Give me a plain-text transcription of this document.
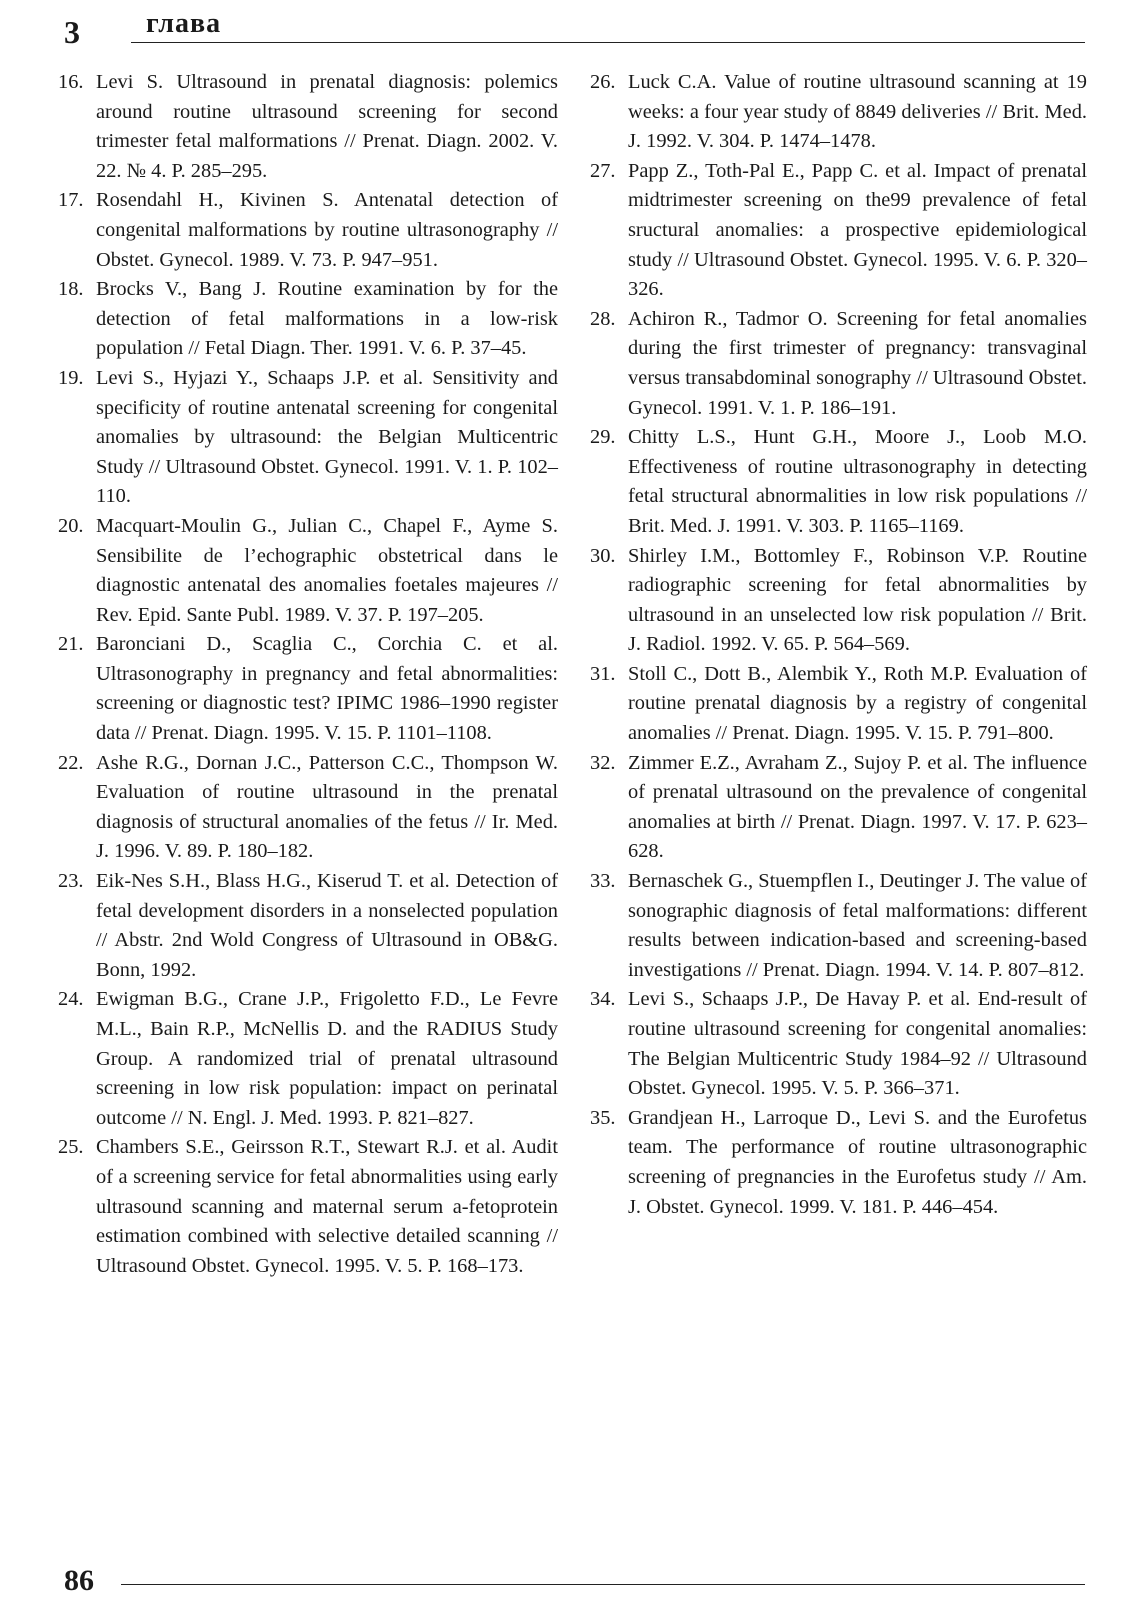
3 глава
16. Levi S. Ultrasound in prenatal diagnosis: polemics around routine ultrasound screening for second trimester fetal malformations // Prenat. Diagn. 2002. V. 22. № 4. P. 285–295.
17. Rosendahl H., Kivinen S. Antenatal detection of congenital malformations by routine ultrasonography // Obstet. Gynecol. 1989. V. 73. P. 947–951.
18. Brocks V., Bang J. Routine examination by for the detection of fetal malformations in a low-risk population // Fetal Diagn. Ther. 1991. V. 6. P. 37–45.
19. Levi S., Hyjazi Y., Schaaps J.P. et al. Sensitivity and specificity of routine antenatal screening for congenital anomalies by ultrasound: the Belgian Multicentric Study // Ultrasound Obstet. Gynecol. 1991. V. 1. P. 102–110.
20. Macquart-Moulin G., Julian C., Chapel F., Ayme S. Sensibilite de l’echographic obstetrical dans le diagnostic antenatal des anomalies foetales majeures // Rev. Epid. Sante Publ. 1989. V. 37. P. 197–205.
21. Baronciani D., Scaglia C., Corchia C. et al. Ultrasonography in pregnancy and fetal abnormalities: screening or diagnostic test? IPIMC 1986–1990 register data // Prenat. Diagn. 1995. V. 15. P. 1101–1108.
22. Ashe R.G., Dornan J.C., Patterson C.C., Thompson W. Evaluation of routine ultrasound in the prenatal diagnosis of structural anomalies of the fetus // Ir. Med. J. 1996. V. 89. P. 180–182.
23. Eik-Nes S.H., Blass H.G., Kiserud T. et al. Detection of fetal development disorders in a nonselected population // Abstr. 2nd Wold Congress of Ultrasound in OB&G. Bonn, 1992.
24. Ewigman B.G., Crane J.P., Frigoletto F.D., Le Fevre M.L., Bain R.P., McNellis D. and the RADIUS Study Group. A randomized trial of prenatal ultrasound screening in low risk population: impact on perinatal outcome // N. Engl. J. Med. 1993. P. 821–827.
25. Chambers S.E., Geirsson R.T., Stewart R.J. et al. Audit of a screening service for fetal abnormalities using early ultrasound scanning and maternal serum a-fetoprotein estimation combined with selective detailed scanning // Ultrasound Obstet. Gynecol. 1995. V. 5. P. 168–173.
26. Luck C.A. Value of routine ultrasound scanning at 19 weeks: a four year study of 8849 deliveries // Brit. Med. J. 1992. V. 304. P. 1474–1478.
27. Papp Z., Toth-Pal E., Papp C. et al. Impact of prenatal midtrimester screening on the99 prevalence of fetal sructural anomalies: a prospective epidemiological study // Ultrasound Obstet. Gynecol. 1995. V. 6. P. 320–326.
28. Achiron R., Tadmor O. Screening for fetal anomalies during the first trimester of pregnancy: transvaginal versus transabdominal sonography // Ultrasound Obstet. Gynecol. 1991. V. 1. P. 186–191.
29. Chitty L.S., Hunt G.H., Moore J., Loob M.O. Effectiveness of routine ultrasonography in detecting fetal structural abnormalities in low risk populations // Brit. Med. J. 1991. V. 303. P. 1165–1169.
30. Shirley I.M., Bottomley F., Robinson V.P. Routine radiographic screening for fetal abnormalities by ultrasound in an unselected low risk population // Brit. J. Radiol. 1992. V. 65. P. 564–569.
31. Stoll C., Dott B., Alembik Y., Roth M.P. Evaluation of routine prenatal diagnosis by a registry of congenital anomalies // Prenat. Diagn. 1995. V. 15. P. 791–800.
32. Zimmer E.Z., Avraham Z., Sujoy P. et al. The influence of prenatal ultrasound on the prevalence of congenital anomalies at birth // Prenat. Diagn. 1997. V. 17. P. 623–628.
33. Bernaschek G., Stuempflen I., Deutinger J. The value of sonographic diagnosis of fetal malformations: different results between indication-based and screening-based investigations // Prenat. Diagn. 1994. V. 14. P. 807–812.
34. Levi S., Schaaps J.P., De Havay P. et al. End-result of routine ultrasound screening for congenital anomalies: The Belgian Multicentric Study 1984–92 // Ultrasound Obstet. Gynecol. 1995. V. 5. P. 366–371.
35. Grandjean H., Larroque D., Levi S. and the Eurofetus team. The performance of routine ultrasonographic screening of pregnancies in the Eurofetus study // Am. J. Obstet. Gynecol. 1999. V. 181. P. 446–454.
86
